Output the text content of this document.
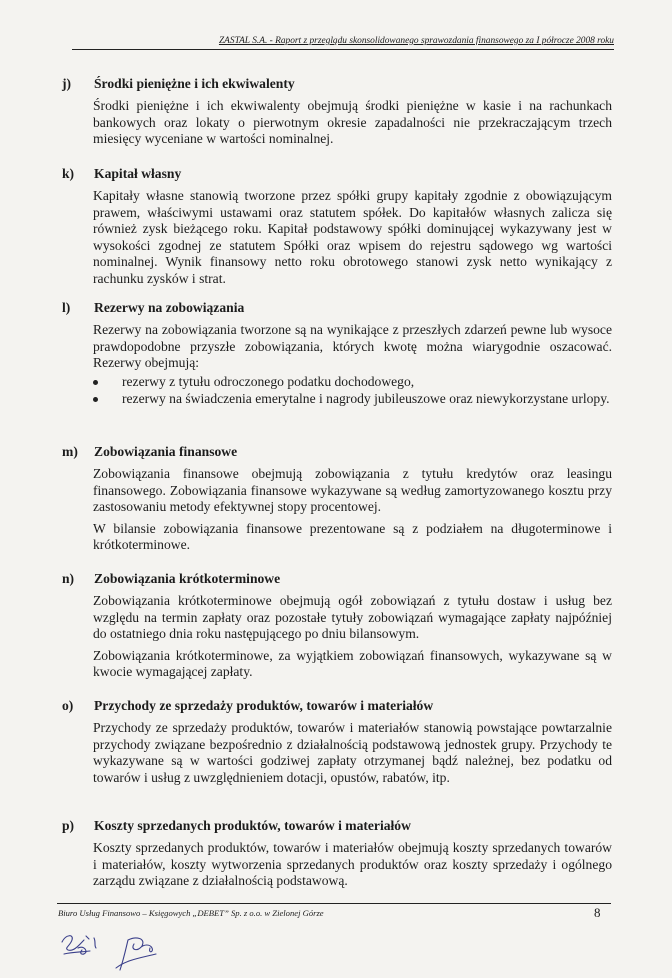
ZASTAL S.A. - Raport z przeglądu skonsolidowanego sprawozdania finansowego za I półrocze 2008 roku
j) Środki pieniężne i ich ekwiwalenty

Środki pieniężne i ich ekwiwalenty obejmują środki pieniężne w kasie i na rachunkach bankowych oraz lokaty o pierwotnym okresie zapadalności nie przekraczającym trzech miesięcy wyceniane w wartości nominalnej.

k) Kapitał własny

Kapitały własne stanowią tworzone przez spółki grupy kapitały zgodnie z obowiązującym prawem, właściwymi ustawami oraz statutem spółek. Do kapitałów własnych zalicza się również zysk bieżącego roku. Kapitał podstawowy spółki dominującej wykazywany jest w wysokości zgodnej ze statutem Spółki oraz wpisem do rejestru sądowego wg wartości nominalnej. Wynik finansowy netto roku obrotowego stanowi zysk netto wynikający z rachunku zysków i strat.

l) Rezerwy na zobowiązania

Rezerwy na zobowiązania tworzone są na wynikające z przeszłych zdarzeń pewne lub wysoce prawdopodobne przyszłe zobowiązania, których kwotę można wiarygodnie oszacować. Rezerwy obejmują:

rezerwy z tytułu odroczonego podatku dochodowego,
rezerwy na świadczenia emerytalne i nagrody jubileuszowe oraz niewykorzystane urlopy.
m) Zobowiązania finansowe

Zobowiązania finansowe obejmują zobowiązania z tytułu kredytów oraz leasingu finansowego. Zobowiązania finansowe wykazywane są według zamortyzowanego kosztu przy zastosowaniu metody efektywnej stopy procentowej.

W bilansie zobowiązania finansowe prezentowane są z podziałem na długoterminowe i krótkoterminowe.

n) Zobowiązania krótkoterminowe

Zobowiązania krótkoterminowe obejmują ogół zobowiązań z tytułu dostaw i usług bez względu na termin zapłaty oraz pozostałe tytuły zobowiązań wymagające zapłaty najpóźniej do ostatniego dnia roku następującego po dniu bilansowym.

Zobowiązania krótkoterminowe, za wyjątkiem zobowiązań finansowych, wykazywane są w kwocie wymagającej zapłaty.

o) Przychody ze sprzedaży produktów, towarów i materiałów

Przychody ze sprzedaży produktów, towarów i materiałów stanowią powstające powtarzalnie przychody związane bezpośrednio z działalnością podstawową jednostek grupy. Przychody te wykazywane są w wartości godziwej zapłaty otrzymanej bądź należnej, bez podatku od towarów i usług z uwzględnieniem dotacji, opustów, rabatów, itp.

p) Koszty sprzedanych produktów, towarów i materiałów

Koszty sprzedanych produktów, towarów i materiałów obejmują koszty sprzedanych towarów i materiałów, koszty wytworzenia sprzedanych produktów oraz koszty sprzedaży i ogólnego zarządu związane z działalnością podstawową.

Biuro Usług Finansowo – Księgowych „DEBET” Sp. z o.o. w Zielonej Górze	8
